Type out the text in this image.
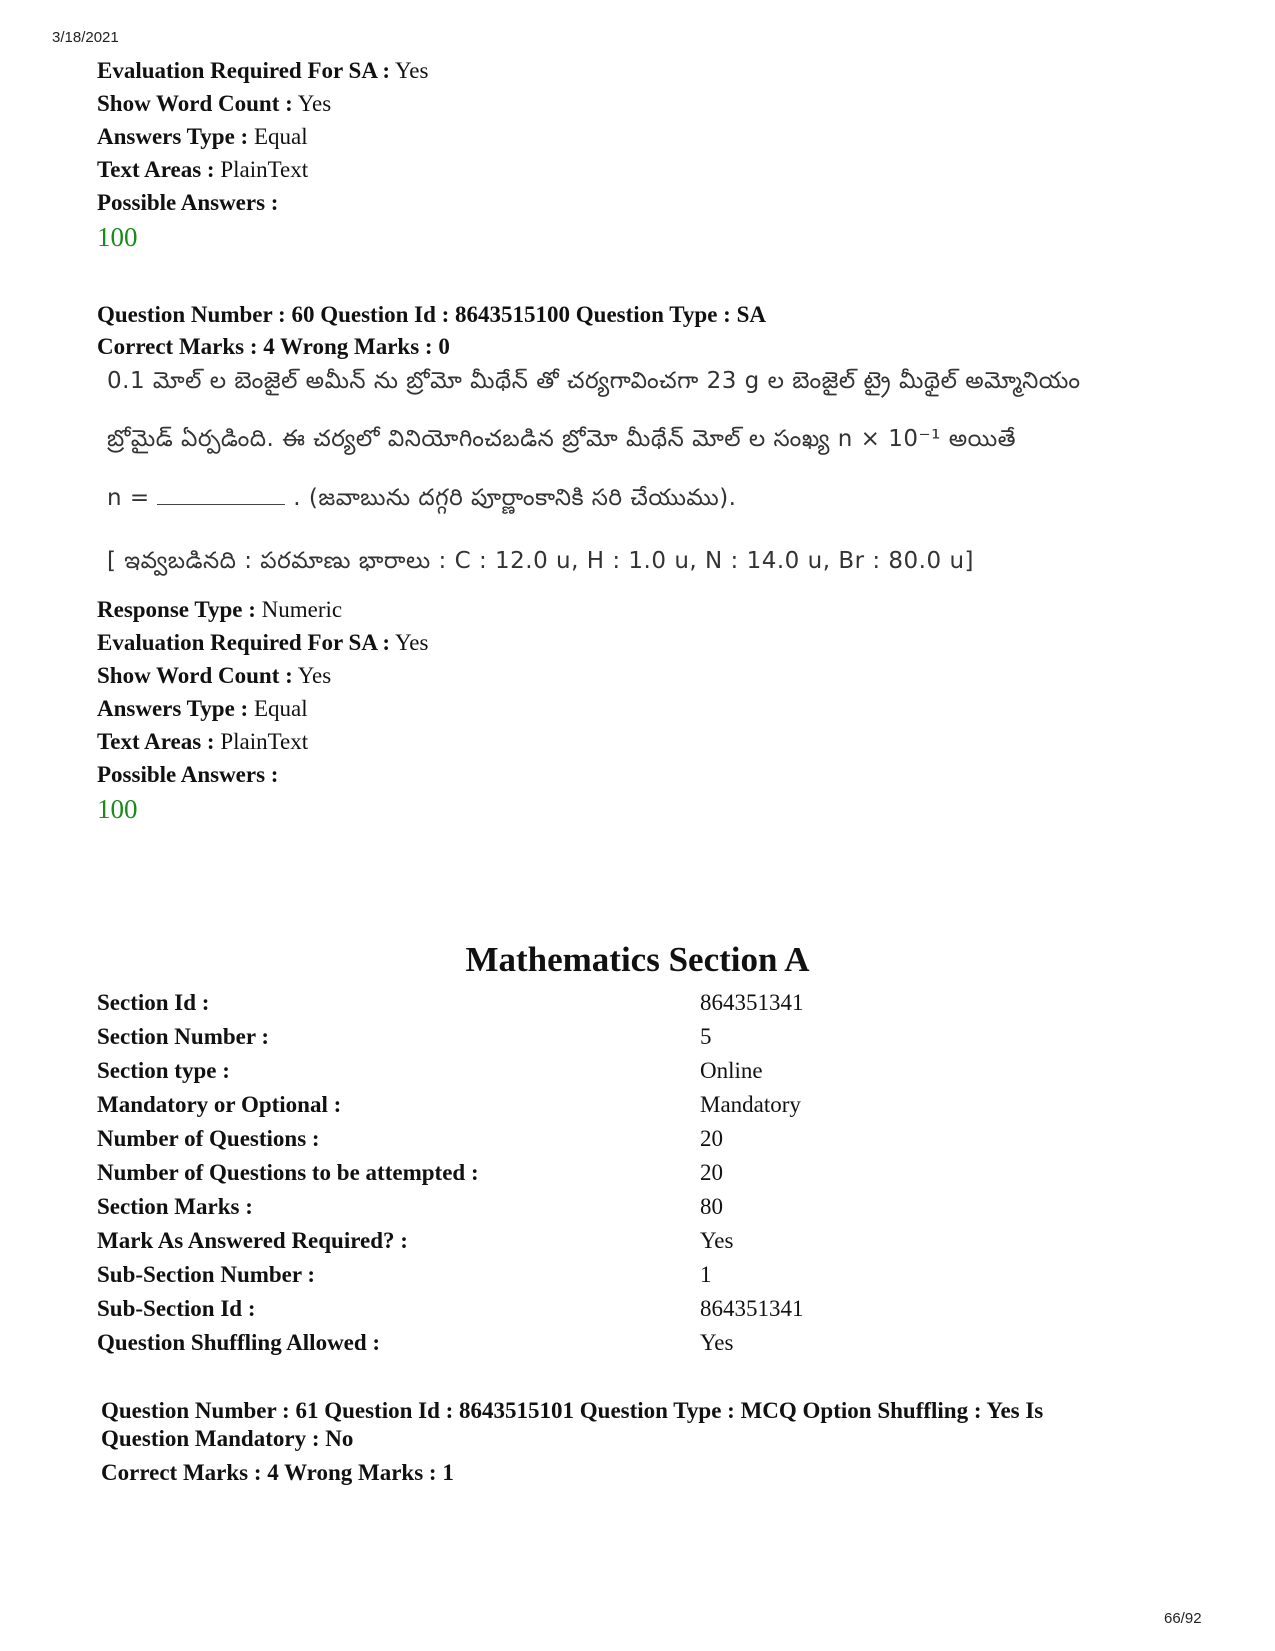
3/18/2021
Evaluation Required For SA : Yes
Show Word Count : Yes
Answers Type : Equal
Text Areas : PlainText
Possible Answers :
100
Question Number : 60 Question Id : 8643515100 Question Type : SA
Correct Marks : 4 Wrong Marks : 0
0.1 మోల్ ల బెంజైల్ అమీన్ ను బ్రోమో మీథేన్ తో చర్యగావించగా 23 g ల బెంజైల్ ట్రై మీథైల్ అమ్మోనియం
బ్రోమైడ్ ఏర్పడింది. ఈ చర్యలో వినియోగించబడిన బ్రోమో మీథేన్ మోల్ ల సంఖ్య n × 10⁻¹ అయితే
n =	. (జవాబును దగ్గరి పూర్ణాంకానికి సరి చేయుము).
[ ఇవ్వబడినది : పరమాణు భారాలు : C : 12.0 u, H : 1.0 u, N : 14.0 u, Br : 80.0 u]
Response Type : Numeric
Evaluation Required For SA : Yes
Show Word Count : Yes
Answers Type : Equal
Text Areas : PlainText
Possible Answers :
100
Mathematics Section A
Section Id :	864351341
Section Number :	5
Section type :	Online
Mandatory or Optional :	Mandatory
Number of Questions :	20
Number of Questions to be attempted :	20
Section Marks :	80
Mark As Answered Required? :	Yes
Sub-Section Number :	1
Sub-Section Id :	864351341
Question Shuffling Allowed :	Yes
Question Number : 61 Question Id : 8643515101 Question Type : MCQ Option Shuffling : Yes Is
Question Mandatory : No
Correct Marks : 4 Wrong Marks : 1
66/92
